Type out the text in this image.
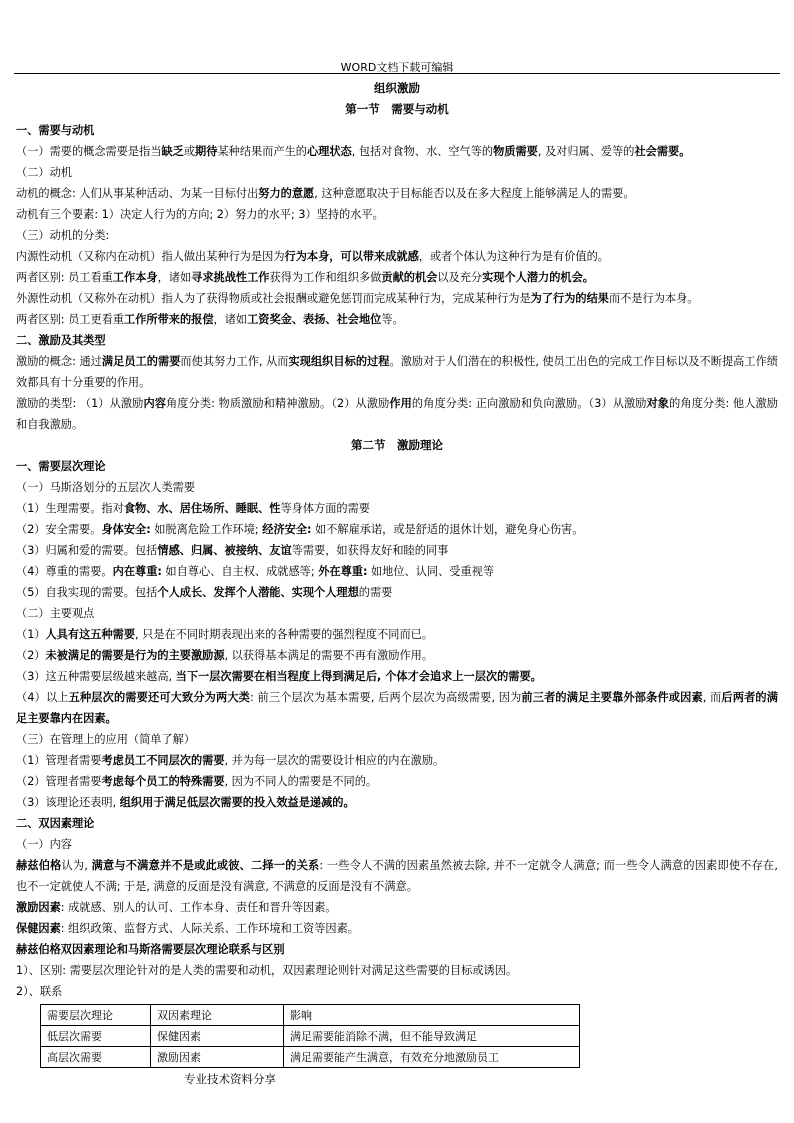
WORD文档下载可编辑
组织激励
第一节　需要与动机
一、需要与动机
（一）需要的概念需要是指当缺乏或期待某种结果而产生的心理状态, 包括对食物、水、空气等的物质需要, 及对归属、爱等的社会需要。
（二）动机
动机的概念: 人们从事某种活动、为某一目标付出努力的意愿, 这种意愿取决于目标能否以及在多大程度上能够满足人的需要。
动机有三个要素: 1）决定人行为的方向; 2）努力的水平; 3）坚持的水平。
（三）动机的分类:
内源性动机（又称内在动机）指人做出某种行为是因为行为本身，可以带来成就感，或者个体认为这种行为是有价值的。
两者区别: 员工看重工作本身，诸如寻求挑战性工作获得为工作和组织多做贡献的机会以及充分实现个人潜力的机会。
外源性动机（又称外在动机）指人为了获得物质或社会报酬或避免惩罚而完成某种行为，完成某种行为是为了行为的结果而不是行为本身。
两者区别: 员工更看重工作所带来的报偿，诸如工资奖金、表扬、社会地位等。
二、激励及其类型
激励的概念: 通过满足员工的需要而使其努力工作, 从而实现组织目标的过程。激励对于人们潜在的积极性, 使员工出色的完成工作目标以及不断提高工作绩效都具有十分重要的作用。
激励的类型: （1）从激励内容角度分类: 物质激励和精神激励。（2）从激励作用的角度分类: 正向激励和负向激励。（3）从激励对象的角度分类: 他人激励和自我激励。
第二节　激励理论
一、需要层次理论
（一）马斯洛划分的五层次人类需要
（1）生理需要。指对食物、水、居住场所、睡眠、性等身体方面的需要
（2）安全需要。身体安全: 如脱离危险工作环境; 经济安全: 如不解雇承诺，或是舒适的退休计划，避免身心伤害。
（3）归属和爱的需要。包括情感、归属、被接纳、友谊等需要，如获得友好和睦的同事
（4）尊重的需要。内在尊重: 如自尊心、自主权、成就感等; 外在尊重: 如地位、认同、受重视等
（5）自我实现的需要。包括个人成长、发挥个人潜能、实现个人理想的需要
（二）主要观点
（1）人具有这五种需要, 只是在不同时期表现出来的各种需要的强烈程度不同而已。
（2）未被满足的需要是行为的主要激励源, 以获得基本满足的需要不再有激励作用。
（3）这五种需要层级越来越高, 当下一层次需要在相当程度上得到满足后, 个体才会追求上一层次的需要。
（4）以上五种层次的需要还可大致分为两大类: 前三个层次为基本需要, 后两个层次为高级需要, 因为前三者的满足主要靠外部条件或因素, 而后两者的满足主要靠内在因素。
（三）在管理上的应用（简单了解）
（1）管理者需要考虑员工不同层次的需要, 并为每一层次的需要设计相应的内在激励。
（2）管理者需要考虑每个员工的特殊需要, 因为不同人的需要是不同的。
（3）该理论还表明, 组织用于满足低层次需要的投入效益是递减的。
二、双因素理论
（一）内容
赫兹伯格认为, 满意与不满意并不是或此或彼、二择一的关系: 一些令人不满的因素虽然被去除, 并不一定就令人满意; 而一些令人满意的因素即使不存在, 也不一定就使人不满; 于是, 满意的反面是没有满意, 不满意的反面是没有不满意。
激励因素: 成就感、别人的认可、工作本身、责任和晋升等因素。
保健因素: 组织政策、监督方式、人际关系、工作环境和工资等因素。
赫兹伯格双因素理论和马斯洛需要层次理论联系与区别
1）、区别: 需要层次理论针对的是人类的需要和动机，双因素理论则针对满足这些需要的目标或诱因。
2）、联系
需要层次理论	双因素理论	影响
低层次需要	保健因素	满足需要能消除不满，但不能导致满足
高层次需要	激励因素	满足需要能产生满意，有效充分地激励员工
专业技术资料分享
